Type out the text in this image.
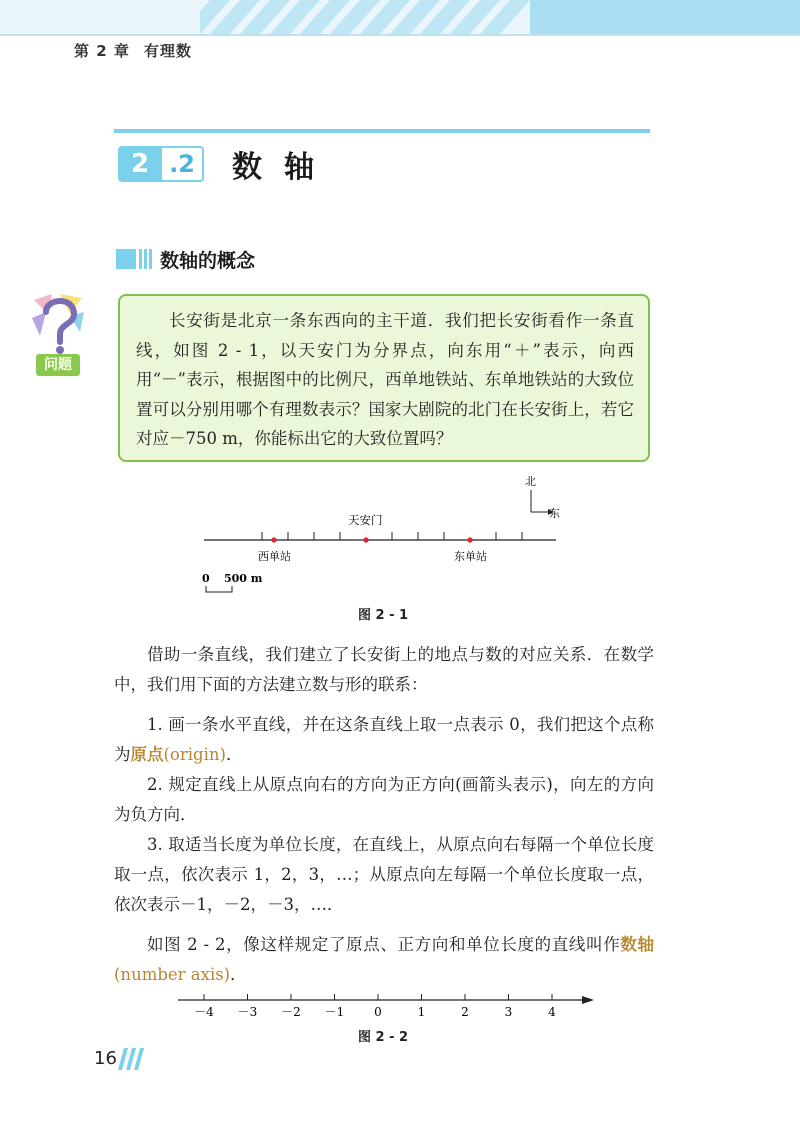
第 2 章 有理数
2 .2	数轴
数轴的概念
问题
长安街是北京一条东西向的主干道．我们把长安街看作一条直线，如图 2 - 1，以天安门为分界点，向东用“＋”表示，向西用“－”表示，根据图中的比例尺，西单地铁站、东单地铁站的大致位置可以分别用哪个有理数表示？国家大剧院的北门在长安街上，若它对应－750 m，你能标出它的大致位置吗？
北
东
天安门
西单站	东单站
0 500 m
图 2 - 1
借助一条直线，我们建立了长安街上的地点与数的对应关系．在数学中，我们用下面的方法建立数与形的联系：
1. 画一条水平直线，并在这条直线上取一点表示 0，我们把这个点称为原点(origin)．
2. 规定直线上从原点向右的方向为正方向(画箭头表示)，向左的方向为负方向．
3. 取适当长度为单位长度，在直线上，从原点向右每隔一个单位长度取一点，依次表示 1，2，3，…；从原点向左每隔一个单位长度取一点，依次表示－1，－2，－3，…．
如图 2 - 2，像这样规定了原点、正方向和单位长度的直线叫作数轴(number axis)．
－4 －3 －2 －1 0	1	2	3	4
图 2 - 2
16
